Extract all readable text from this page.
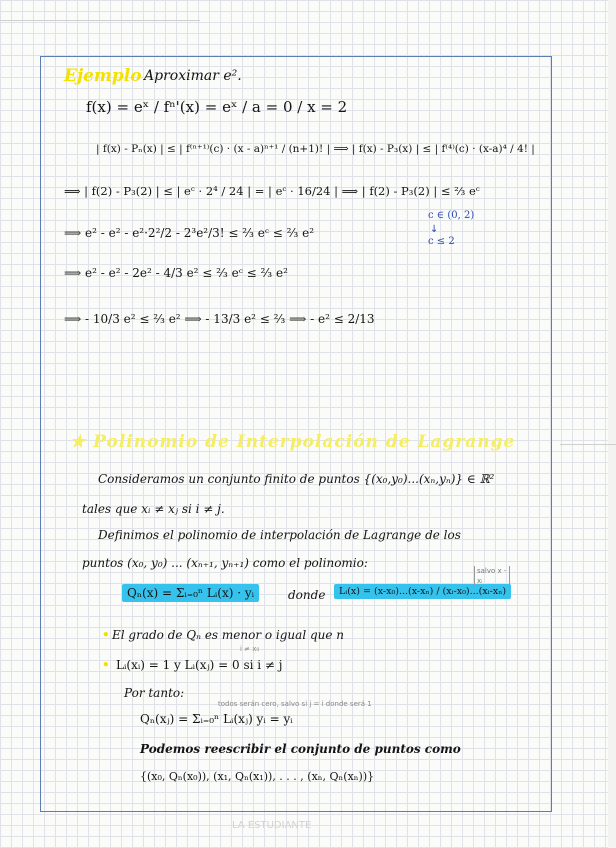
Ejemplo Aproximar e².
f(x) = eˣ / fⁿ'(x) = eˣ / a = 0 / x = 2
| f(x) - Pₙ(x) | ≤ | f⁽ⁿ⁺¹⁾(c) · (x - a)ⁿ⁺¹ / (n+1)! | ⟹ | f(x) - P₃(x) | ≤ | f⁽⁴⁾(c) · (x-a)⁴ / 4! |
⟹ | f(2) - P₃(2) | ≤ | eᶜ · 2⁴ / 24 | = | eᶜ · 16/24 | ⟹ | f(2) - P₃(2) | ≤ ⅔ eᶜ
c ∈ (0, 2)
↓
c ≤ 2
⟹ e² - e² - e²·2²/2 - 2³e²/3! ≤ ⅔ eᶜ ≤ ⅔ e²
⟹ e² - e² - 2e² - 4/3 e² ≤ ⅔ eᶜ ≤ ⅔ e²
⟹ - 10/3 e² ≤ ⅔ e² ⟹ - 13/3 e² ≤ ⅔ ⟹ - e² ≤ 2/13
★ Polinomio de Interpolación de Lagrange
Consideramos un conjunto finito de puntos {(x₀,y₀)...(xₙ,yₙ)} ∈ ℝ²
tales que xᵢ ≠ xⱼ si i ≠ j.
Definimos el polinomio de interpolación de Lagrange de los
puntos (x₀, y₀) ... (xₙ₊₁, yₙ₊₁) como el polinomio:
Qₙ(x) = Σᵢ₌₀ⁿ Lᵢ(x) · yᵢ	donde	Lᵢ(x) = (x-x₀)...(x-xₙ) / (xᵢ-x₀)...(xᵢ-xₙ)
salvo x - xᵢ
• El grado de Qₙ es menor o igual que n
i ≠ x₀
• Lᵢ(xᵢ) = 1 y Lᵢ(xⱼ) = 0 si i ≠ j
Por tanto:
todos serán cero, salvo si j = i donde será 1
Qₙ(xⱼ) = Σᵢ₌₀ⁿ Lᵢ(xⱼ) yᵢ = yᵢ
Podemos reescribir el conjunto de puntos como
{(x₀, Qₙ(x₀)), (x₁, Qₙ(x₁)), . . . , (xₙ, Qₙ(xₙ))}
LA ESTUDIANTE
